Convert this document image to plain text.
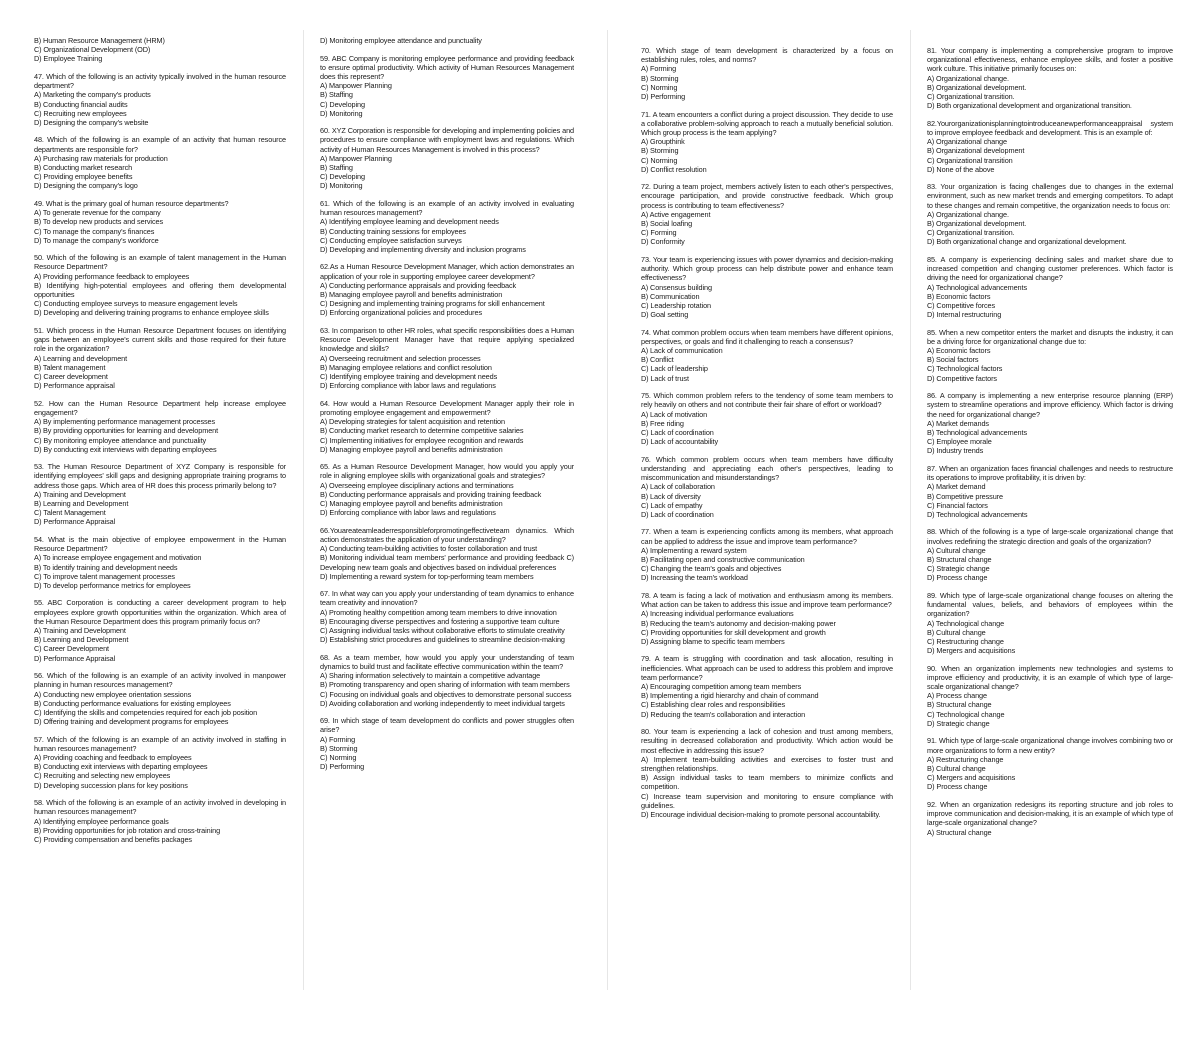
B) Human Resource Management (HRM)
C) Organizational Development (OD)
D) Employee Training
47. Which of the following is an activity typically involved in the human resource department?
A) Marketing the company's products
B) Conducting financial audits
C) Recruiting new employees
D) Designing the company's website
48. Which of the following is an example of an activity that human resource departments are responsible for?
A) Purchasing raw materials for production
B) Conducting market research
C) Providing employee benefits
D) Designing the company's logo
49. What is the primary goal of human resource departments?
A) To generate revenue for the company
B) To develop new products and services
C) To manage the company's finances
D) To manage the company's workforce
50. Which of the following is an example of talent management in the Human Resource Department?
A) Providing performance feedback to employees
B) Identifying high-potential employees and offering them developmental opportunities
C) Conducting employee surveys to measure engagement levels
D) Developing and delivering training programs to enhance employee skills
51. Which process in the Human Resource Department focuses on identifying gaps between an employee's current skills and those required for their future role in the organization?
A) Learning and development
B) Talent management
C) Career development
D) Performance appraisal
52. How can the Human Resource Department help increase employee engagement?
A) By implementing performance management processes
B) By providing opportunities for learning and development
C) By monitoring employee attendance and punctuality
D) By conducting exit interviews with departing employees
53. The Human Resource Department of XYZ Company is responsible for identifying employees' skill gaps and designing appropriate training programs to address those gaps. Which area of HR does this process primarily belong to?
A) Training and Development
B) Learning and Development
C) Talent Management
D) Performance Appraisal
54. What is the main objective of employee empowerment in the Human Resource Department?
A) To increase employee engagement and motivation
B) To identify training and development needs
C) To improve talent management processes
D) To develop performance metrics for employees
55. ABC Corporation is conducting a career development program to help employees explore growth opportunities within the organization. Which area of the Human Resource Department does this program primarily focus on?
A) Training and Development
B) Learning and Development
C) Career Development
D) Performance Appraisal
56. Which of the following is an example of an activity involved in manpower planning in human resources management?
A) Conducting new employee orientation sessions
B) Conducting performance evaluations for existing employees
C) Identifying the skills and competencies required for each job position
D) Offering training and development programs for employees
57. Which of the following is an example of an activity involved in staffing in human resources management?
A) Providing coaching and feedback to employees
B) Conducting exit interviews with departing employees
C) Recruiting and selecting new employees
D) Developing succession plans for key positions
58. Which of the following is an example of an activity involved in developing in human resources management?
A) Identifying employee performance goals
B) Providing opportunities for job rotation and cross-training
C) Providing compensation and benefits packages
D) Monitoring employee attendance and punctuality
59. ABC Company is monitoring employee performance and providing feedback to ensure optimal productivity. Which activity of Human Resources Management does this represent?
A) Manpower Planning
B) Staffing
C) Developing
D) Monitoring
60. XYZ Corporation is responsible for developing and implementing policies and procedures to ensure compliance with employment laws and regulations. Which activity of Human Resources Management is involved in this process?
A) Manpower Planning
B) Staffing
C) Developing
D) Monitoring
61. Which of the following is an example of an activity involved in evaluating human resources management?
A) Identifying employee learning and development needs
B) Conducting training sessions for employees
C) Conducting employee satisfaction surveys
D) Developing and implementing diversity and inclusion programs
62.As a Human Resource Development Manager, which action demonstrates an application of your role in supporting employee career development?
A) Conducting performance appraisals and providing feedback
B) Managing employee payroll and benefits administration
C) Designing and implementing training programs for skill enhancement
D) Enforcing organizational policies and procedures
63. In comparison to other HR roles, what specific responsibilities does a Human Resource Development Manager have that require applying specialized knowledge and skills?
A) Overseeing recruitment and selection processes
B) Managing employee relations and conflict resolution
C) Identifying employee training and development needs
D) Enforcing compliance with labor laws and regulations
64. How would a Human Resource Development Manager apply their role in promoting employee engagement and empowerment?
A) Developing strategies for talent acquisition and retention
B) Conducting market research to determine competitive salaries
C) Implementing initiatives for employee recognition and rewards
D) Managing employee payroll and benefits administration
65. As a Human Resource Development Manager, how would you apply your role in aligning employee skills with organizational goals and strategies?
A) Overseeing employee disciplinary actions and terminations
B) Conducting performance appraisals and providing training feedback
C) Managing employee payroll and benefits administration
D) Enforcing compliance with labor laws and regulations
66.Youareateamleaderresponsibleforpromotingeffectiveteam dynamics. Which action demonstrates the application of your understanding?
A) Conducting team-building activities to foster collaboration and trust
B) Monitoring individual team members' performance and providing feedback C) Developing new team goals and objectives based on individual preferences
D) Implementing a reward system for top-performing team members
67. In what way can you apply your understanding of team dynamics to enhance team creativity and innovation?
A) Promoting healthy competition among team members to drive innovation
B) Encouraging diverse perspectives and fostering a supportive team culture
C) Assigning individual tasks without collaborative efforts to stimulate creativity
D) Establishing strict procedures and guidelines to streamline decision-making
68. As a team member, how would you apply your understanding of team dynamics to build trust and facilitate effective communication within the team?
A) Sharing information selectively to maintain a competitive advantage
B) Promoting transparency and open sharing of information with team members
C) Focusing on individual goals and objectives to demonstrate personal success
D) Avoiding collaboration and working independently to meet individual targets
69. In which stage of team development do conflicts and power struggles often arise?
A) Forming
B) Storming
C) Norming
D) Performing
70. Which stage of team development is characterized by a focus on establishing rules, roles, and norms?
A) Forming
B) Storming
C) Norming
D) Performing
71. A team encounters a conflict during a project discussion. They decide to use a collaborative problem-solving approach to reach a mutually beneficial solution. Which group process is the team applying?
A) Groupthink
B) Storming
C) Norming
D) Conflict resolution
72. During a team project, members actively listen to each other's perspectives, encourage participation, and provide constructive feedback. Which group process is contributing to team effectiveness?
A) Active engagement
B) Social loafing
C) Forming
D) Conformity
73. Your team is experiencing issues with power dynamics and decision-making authority. Which group process can help distribute power and enhance team effectiveness?
A) Consensus building
B) Communication
C) Leadership rotation
D) Goal setting
74. What common problem occurs when team members have different opinions, perspectives, or goals and find it challenging to reach a consensus?
A) Lack of communication
B) Conflict
C) Lack of leadership
D) Lack of trust
75. Which common problem refers to the tendency of some team members to rely heavily on others and not contribute their fair share of effort or workload?
A) Lack of motivation
B) Free riding
C) Lack of coordination
D) Lack of accountability
76. Which common problem occurs when team members have difficulty understanding and appreciating each other's perspectives, leading to miscommunication and misunderstandings?
A) Lack of collaboration
B) Lack of diversity
C) Lack of empathy
D) Lack of coordination
77. When a team is experiencing conflicts among its members, what approach can be applied to address the issue and improve team performance?
A) Implementing a reward system
B) Facilitating open and constructive communication
C) Changing the team's goals and objectives
D) Increasing the team's workload
78. A team is facing a lack of motivation and enthusiasm among its members. What action can be taken to address this issue and improve team performance?
A) Increasing individual performance evaluations
B) Reducing the team's autonomy and decision-making power
C) Providing opportunities for skill development and growth
D) Assigning blame to specific team members
79. A team is struggling with coordination and task allocation, resulting in inefficiencies. What approach can be used to address this problem and improve team performance?
A) Encouraging competition among team members
B) Implementing a rigid hierarchy and chain of command
C) Establishing clear roles and responsibilities
D) Reducing the team's collaboration and interaction
80. Your team is experiencing a lack of cohesion and trust among members, resulting in decreased collaboration and productivity. Which action would be most effective in addressing this issue?
A) Implement team-building activities and exercises to foster trust and strengthen relationships.
B) Assign individual tasks to team members to minimize conflicts and competition.
C) Increase team supervision and monitoring to ensure compliance with guidelines.
D) Encourage individual decision-making to promote personal accountability.
81. Your company is implementing a comprehensive program to improve organizational effectiveness, enhance employee skills, and foster a positive work culture. This initiative primarily focuses on:
A) Organizational change.
B) Organizational development.
C) Organizational transition.
D) Both organizational development and organizational transition.
82.Yourorganizationisplanningtointroduceanewperformanceappraisal system to improve employee feedback and development. This is an example of:
A) Organizational change
B) Organizational development
C) Organizational transition
D) None of the above
83. Your organization is facing challenges due to changes in the external environment, such as new market trends and emerging competitors. To adapt to these changes and remain competitive, the organization needs to focus on:
A) Organizational change.
B) Organizational development.
C) Organizational transition.
D) Both organizational change and organizational development.
85. A company is experiencing declining sales and market share due to increased competition and changing customer preferences. Which factor is driving the need for organizational change?
A) Technological advancements
B) Economic factors
C) Competitive forces
D) Internal restructuring
85. When a new competitor enters the market and disrupts the industry, it can be a driving force for organizational change due to:
A) Economic factors
B) Social factors
C) Technological factors
D) Competitive factors
86. A company is implementing a new enterprise resource planning (ERP) system to streamline operations and improve efficiency. Which factor is driving the need for organizational change?
A) Market demands
B) Technological advancements
C) Employee morale
D) Industry trends
87. When an organization faces financial challenges and needs to restructure its operations to improve profitability, it is driven by:
A) Market demand
B) Competitive pressure
C) Financial factors
D) Technological advancements
88. Which of the following is a type of large-scale organizational change that involves redefining the strategic direction and goals of the organization?
A) Cultural change
B) Structural change
C) Strategic change
D) Process change
89. Which type of large-scale organizational change focuses on altering the fundamental values, beliefs, and behaviors of employees within the organization?
A) Technological change
B) Cultural change
C) Restructuring change
D) Mergers and acquisitions
90. When an organization implements new technologies and systems to improve efficiency and productivity, it is an example of which type of large-scale organizational change?
A) Process change
B) Structural change
C) Technological change
D) Strategic change
91. Which type of large-scale organizational change involves combining two or more organizations to form a new entity?
A) Restructuring change
B) Cultural change
C) Mergers and acquisitions
D) Process change
92. When an organization redesigns its reporting structure and job roles to improve communication and decision-making, it is an example of which type of large-scale organizational change?
A) Structural change
